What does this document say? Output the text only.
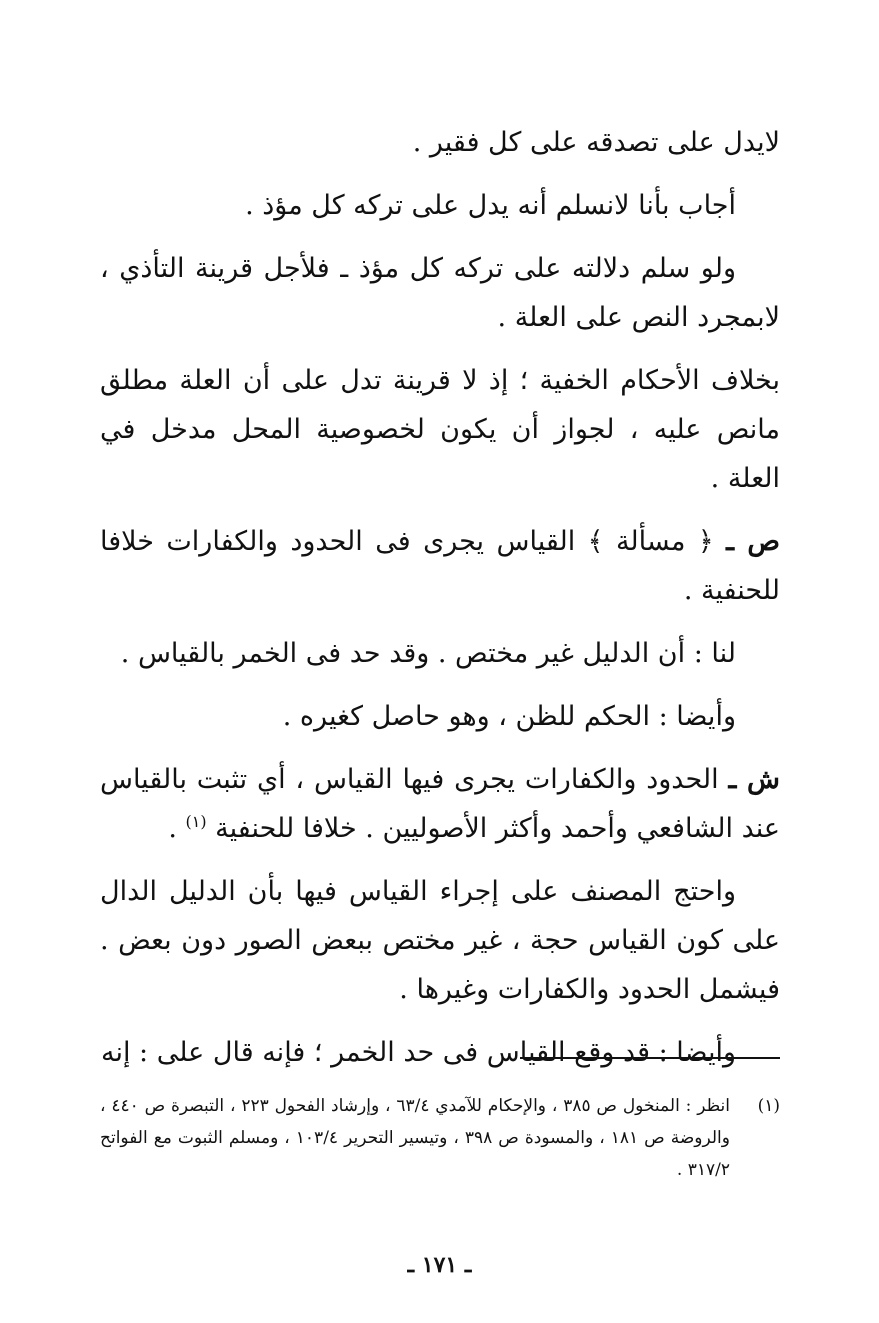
لايدل على تصدقه على كل فقير .

أجاب بأنا لانسلم أنه يدل على تركه كل مؤذ .

ولو سلم دلالته على تركه كل مؤذ ـ فلأجل قرينة التأذي ، لابمجرد النص على العلة .

بخلاف الأحكام الخفية ؛ إذ لا قرينة تدل على أن العلة مطلق مانص عليه ، لجواز أن يكون لخصوصية المحل مدخل في العلة .

ص ـ ﴿ مسألة ﴾ القياس يجرى فى الحدود والكفارات خلافا للحنفية .

لنا : أن الدليل غير مختص . وقد حد فى الخمر بالقياس .

وأيضا : الحكم للظن ، وهو حاصل كغيره .

ش ـ الحدود والكفارات يجرى فيها القياس ، أي تثبت بالقياس عند الشافعي وأحمد وأكثر الأصوليين . خلافا للحنفية $^{(١)}$ .

واحتج المصنف على إجراء القياس فيها بأن الدليل الدال على كون القياس حجة ، غير مختص ببعض الصور دون بعض . فيشمل الحدود والكفارات وغيرها .

وأيضا : قد وقع القياس فى حد الخمر ؛ فإنه قال على : إنه

(١)
انظر : المنخول ص ٣٨٥ ، والإحكام للآمدي ٦٣/٤ ، وإرشاد الفحول ٢٢٣ ، التبصرة ص ٤٤٠ ، والروضة ص ١٨١ ، والمسودة ص ٣٩٨ ، وتيسير التحرير ١٠٣/٤ ، ومسلم الثبوت مع الفواتح ٣١٧/٢ .
ـ ١٧١ ـ
